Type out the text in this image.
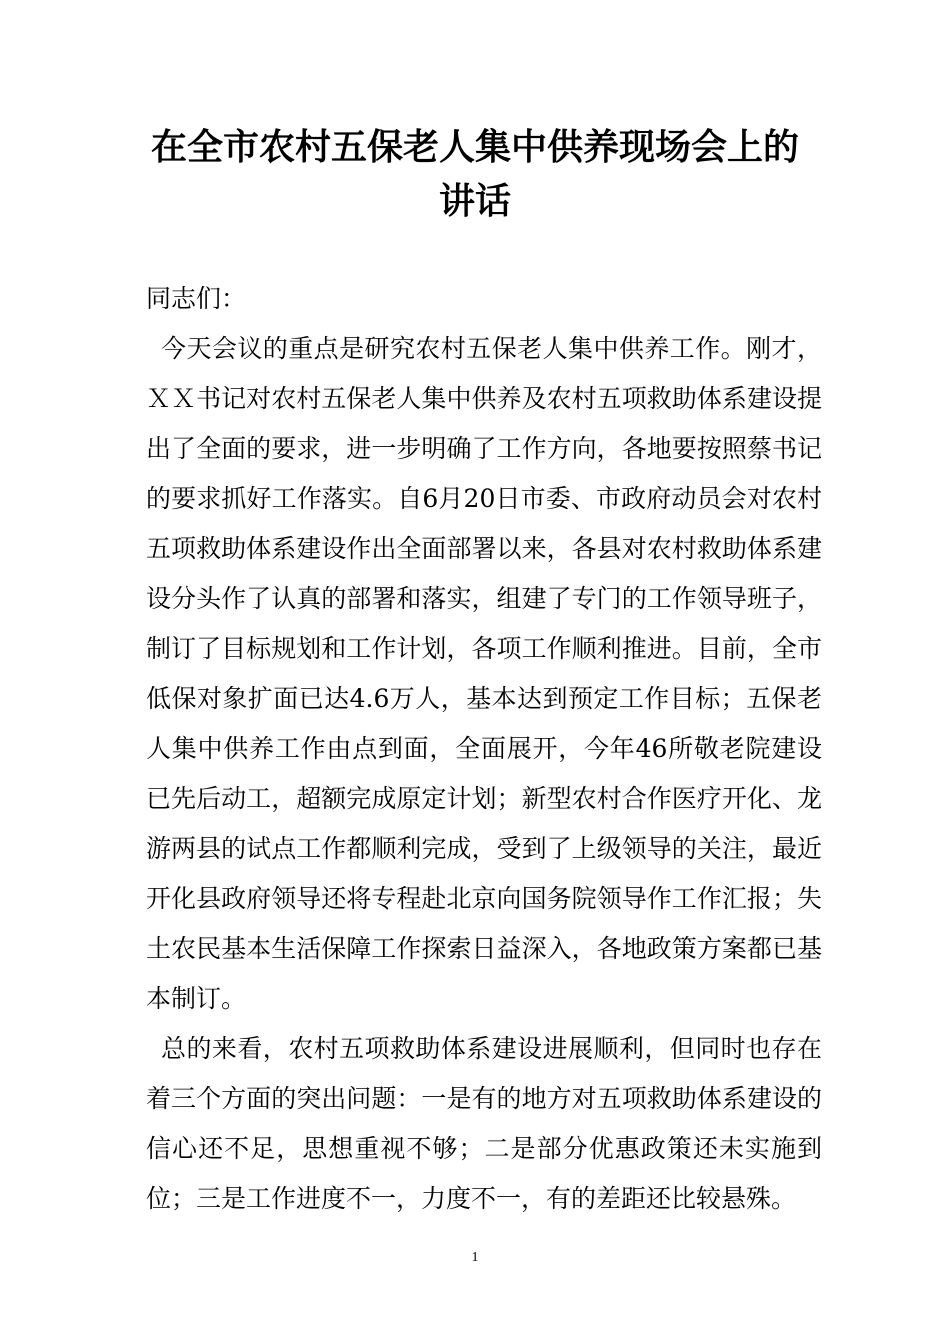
在全市农村五保老人集中供养现场会上的
讲话

同志们：

今天会议的重点是研究农村五保老人集中供养工作。刚才，ＸＸ书记对农村五保老人集中供养及农村五项救助体系建设提出了全面的要求，进一步明确了工作方向，各地要按照蔡书记的要求抓好工作落实。自6月20日市委、市政府动员会对农村五项救助体系建设作出全面部署以来，各县对农村救助体系建设分头作了认真的部署和落实，组建了专门的工作领导班子，制订了目标规划和工作计划，各项工作顺利推进。目前，全市低保对象扩面已达4.6万人，基本达到预定工作目标；五保老人集中供养工作由点到面，全面展开，今年46所敬老院建设已先后动工，超额完成原定计划；新型农村合作医疗开化、龙游两县的试点工作都顺利完成，受到了上级领导的关注，最近开化县政府领导还将专程赴北京向国务院领导作工作汇报；失土农民基本生活保障工作探索日益深入，各地政策方案都已基本制订。

总的来看，农村五项救助体系建设进展顺利，但同时也存在着三个方面的突出问题：一是有的地方对五项救助体系建设的信心还不足，思想重视不够；二是部分优惠政策还未实施到位；三是工作进度不一，力度不一，有的差距还比较悬殊。

1
